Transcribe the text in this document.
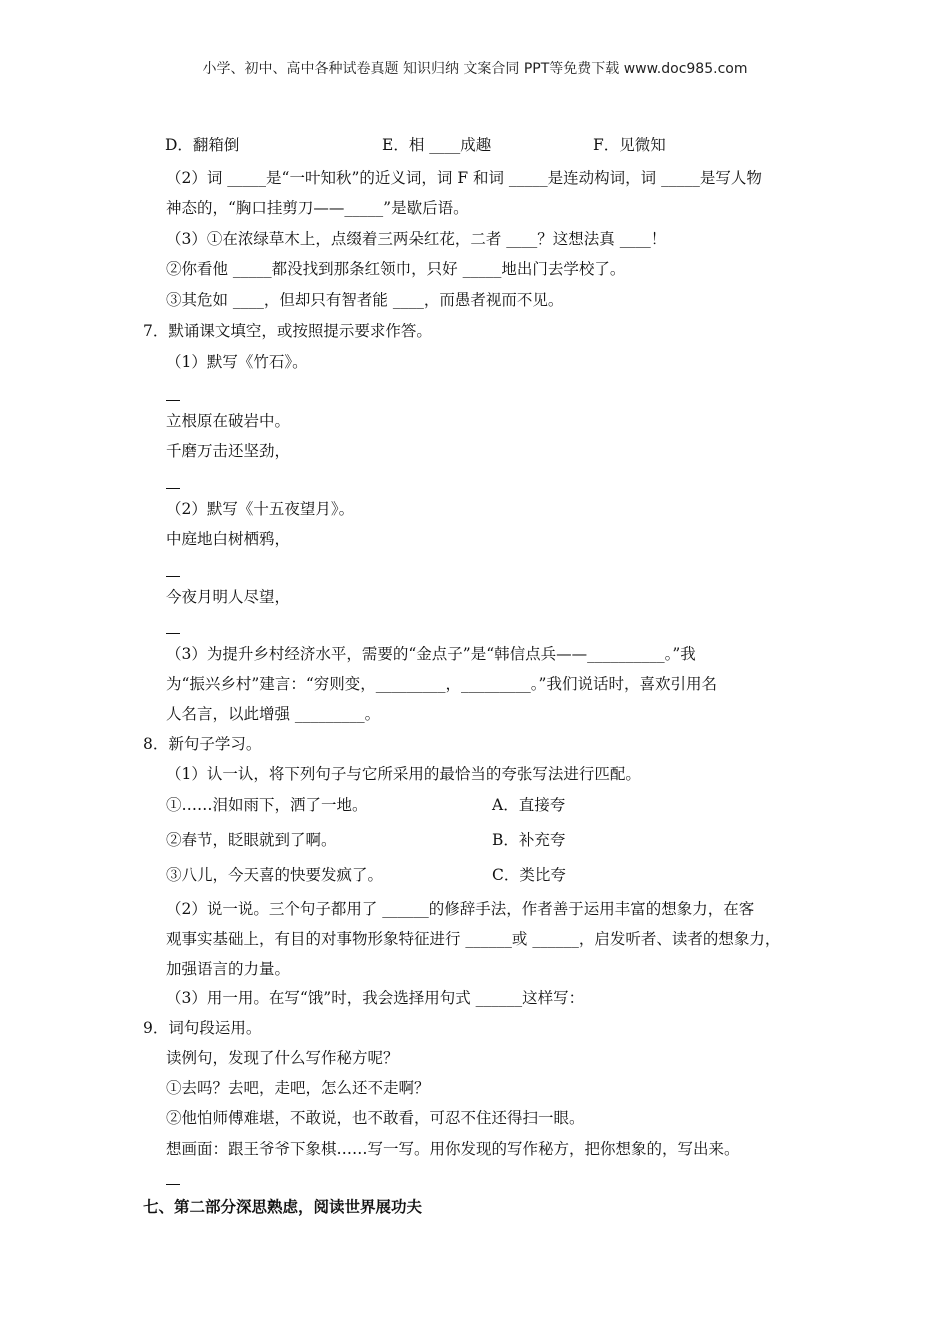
小学、初中、高中各种试卷真题 知识归纳 文案合同 PPT等免费下载 www.doc985.com
D．翻箱倒	E．相 ____成趣	F．见微知
（2）词 _____是“一叶知秋”的近义词，词 F 和词 _____是连动构词，词 _____是写人物
神态的，“胸口挂剪刀——_____”是歇后语。
（3）①在浓绿草木上，点缀着三两朵红花，二者 ____？这想法真 ____！
②你看他 _____都没找到那条红领巾，只好 _____地出门去学校了。
③其危如 ____，但却只有智者能 ____，而愚者视而不见。
7．默诵课文填空，或按照提示要求作答。
（1）默写《竹石》。
立根原在破岩中。
千磨万击还坚劲，
（2）默写《十五夜望月》。
中庭地白树栖鸦，
今夜月明人尽望，
（3）为提升乡村经济水平，需要的“金点子”是“韩信点兵——__________。”我
为“振兴乡村”建言：“穷则变，_________，_________。”我们说话时，喜欢引用名
人名言，以此增强 _________。
8．新句子学习。
（1）认一认，将下列句子与它所采用的最恰当的夸张写法进行匹配。
①……泪如雨下，洒了一地。	A．直接夸
②春节，眨眼就到了啊。	B．补充夸
③八儿，今天喜的快要发疯了。	C．类比夸
（2）说一说。三个句子都用了 ______的修辞手法，作者善于运用丰富的想象力，在客
观事实基础上，有目的对事物形象特征进行 ______或 ______，启发听者、读者的想象力，
加强语言的力量。
（3）用一用。在写“饿”时，我会选择用句式 ______这样写：
9．词句段运用。
读例句，发现了什么写作秘方呢？
①去吗？去吧，走吧，怎么还不走啊？
②他怕师傅难堪，不敢说，也不敢看，可忍不住还得扫一眼。
想画面：跟王爷爷下象棋……写一写。用你发现的写作秘方，把你想象的，写出来。
七、第二部分深思熟虑，阅读世界展功夫
